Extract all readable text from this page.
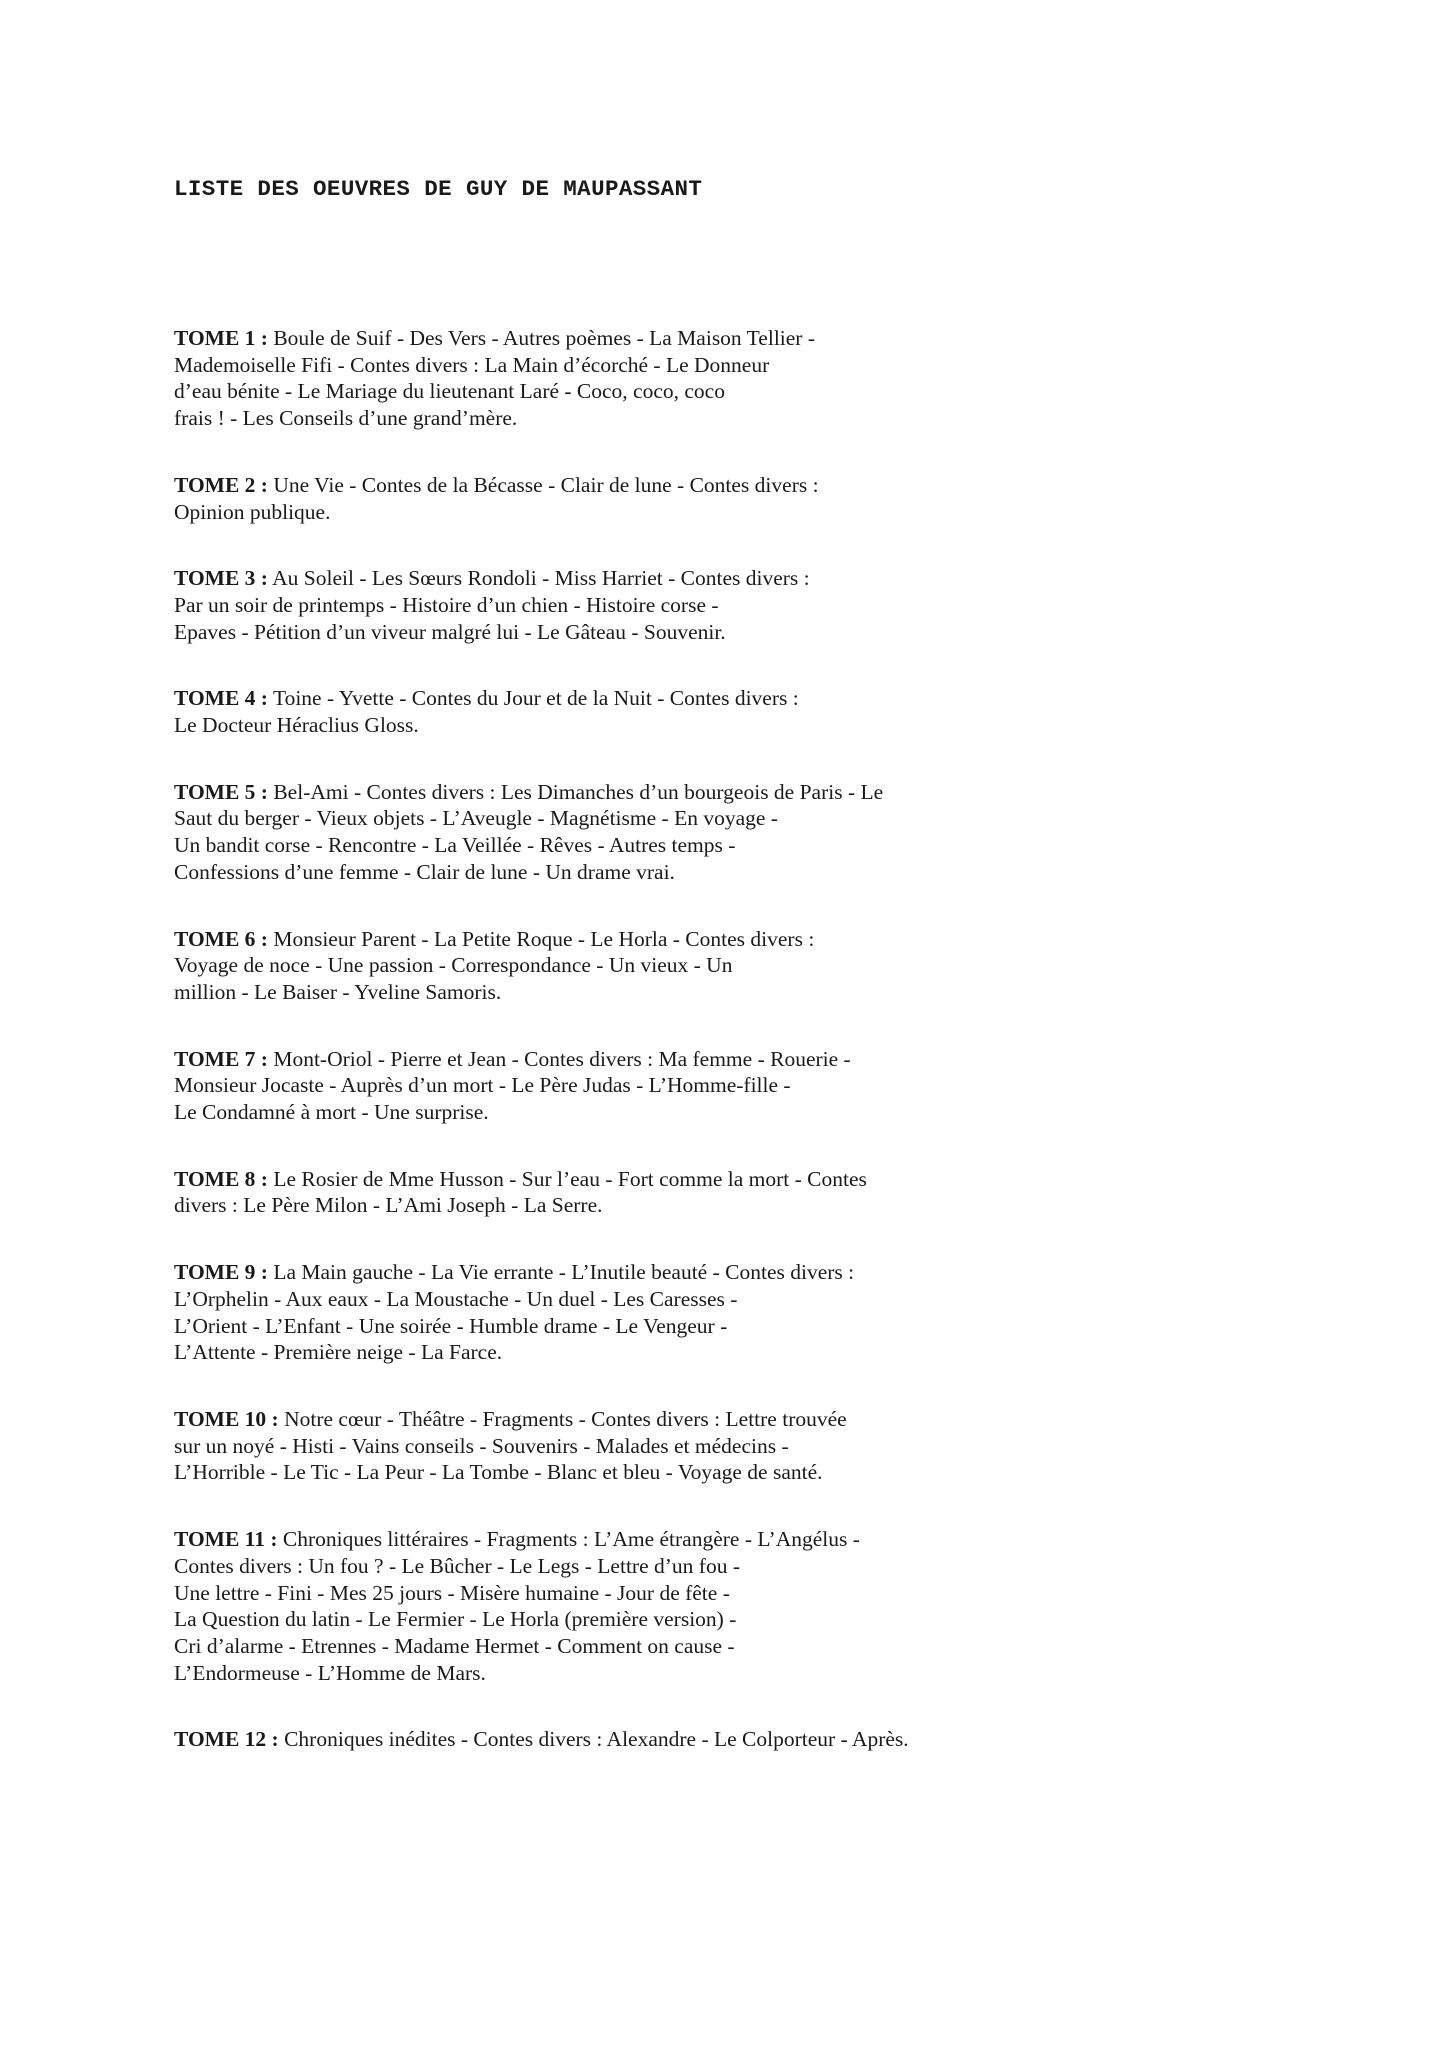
LISTE DES OEUVRES DE GUY DE MAUPASSANT

TOME 1 : Boule de Suif - Des Vers - Autres poèmes - La Maison Tellier -
Mademoiselle Fifi - Contes divers : La Main d’écorché - Le Donneur
d’eau bénite - Le Mariage du lieutenant Laré - Coco, coco, coco
frais ! - Les Conseils d’une grand’mère.

TOME 2 : Une Vie - Contes de la Bécasse - Clair de lune - Contes divers :
Opinion publique.

TOME 3 : Au Soleil - Les Sœurs Rondoli - Miss Harriet - Contes divers :
Par un soir de printemps - Histoire d’un chien - Histoire corse -
Epaves - Pétition d’un viveur malgré lui - Le Gâteau - Souvenir.

TOME 4 : Toine - Yvette - Contes du Jour et de la Nuit - Contes divers :
Le Docteur Héraclius Gloss.

TOME 5 : Bel-Ami - Contes divers : Les Dimanches d’un bourgeois de Paris - Le
Saut du berger - Vieux objets - L’Aveugle - Magnétisme - En voyage -
Un bandit corse - Rencontre - La Veillée - Rêves - Autres temps -
Confessions d’une femme - Clair de lune - Un drame vrai.

TOME 6 : Monsieur Parent - La Petite Roque - Le Horla - Contes divers :
Voyage de noce - Une passion - Correspondance - Un vieux - Un
million - Le Baiser - Yveline Samoris.

TOME 7 : Mont-Oriol - Pierre et Jean - Contes divers : Ma femme - Rouerie -
Monsieur Jocaste - Auprès d’un mort - Le Père Judas - L’Homme-fille -
Le Condamné à mort - Une surprise.

TOME 8 : Le Rosier de Mme Husson - Sur l’eau - Fort comme la mort - Contes
divers : Le Père Milon - L’Ami Joseph - La Serre.

TOME 9 : La Main gauche - La Vie errante - L’Inutile beauté - Contes divers :
L’Orphelin - Aux eaux - La Moustache - Un duel - Les Caresses -
L’Orient - L’Enfant - Une soirée - Humble drame - Le Vengeur -
L’Attente - Première neige - La Farce.

TOME 10 : Notre cœur - Théâtre - Fragments - Contes divers : Lettre trouvée
sur un noyé - Histi - Vains conseils - Souvenirs - Malades et médecins -
L’Horrible - Le Tic - La Peur - La Tombe - Blanc et bleu - Voyage de santé.

TOME 11 : Chroniques littéraires - Fragments : L’Ame étrangère - L’Angélus -
Contes divers : Un fou ? - Le Bûcher - Le Legs - Lettre d’un fou -
Une lettre - Fini - Mes 25 jours - Misère humaine - Jour de fête -
La Question du latin - Le Fermier - Le Horla (première version) -
Cri d’alarme - Etrennes - Madame Hermet - Comment on cause -
L’Endormeuse - L’Homme de Mars.

TOME 12 : Chroniques inédites - Contes divers : Alexandre - Le Colporteur - Après.
